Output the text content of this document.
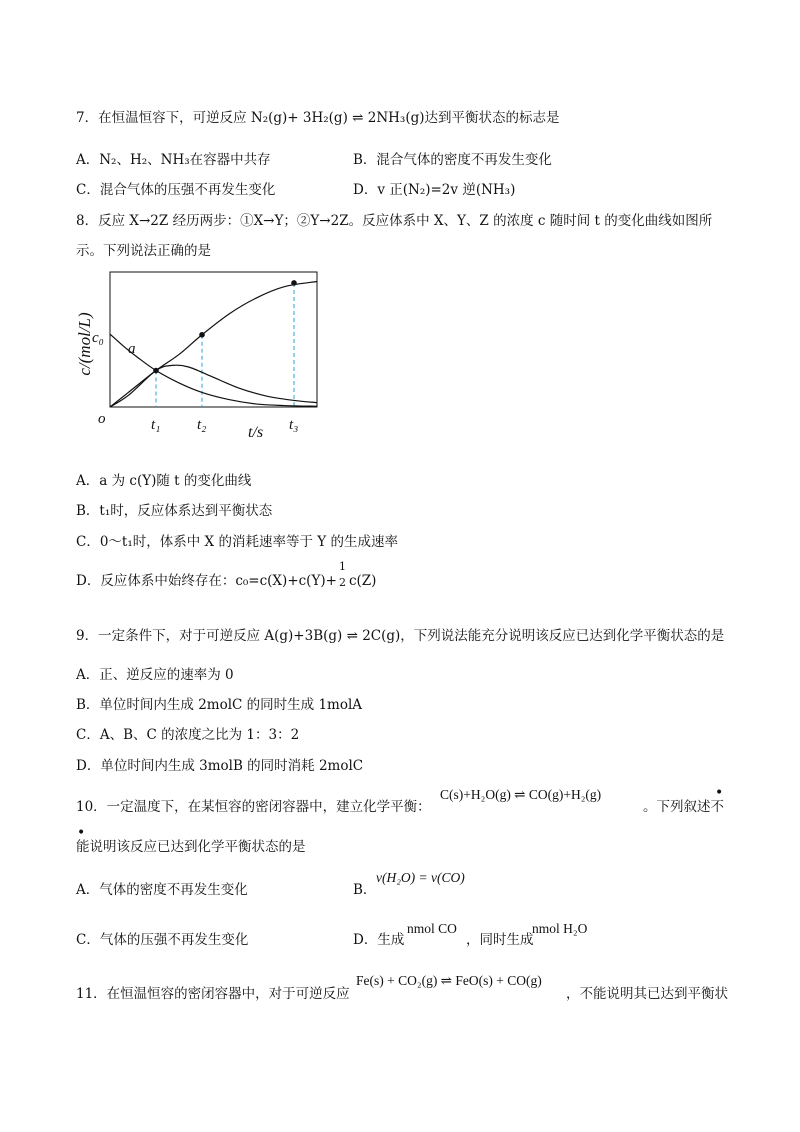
7．在恒温恒容下，可逆反应 N₂(g)+ 3H₂(g) ⇌ 2NH₃(g)达到平衡状态的标志是
A．N₂、H₂、NH₃在容器中共存	B．混合气体的密度不再发生变化
C．混合气体的压强不再发生变化	D．v 正(N₂)=2v 逆(NH₃)
8．反应 X→2Z 经历两步：①X→Y；②Y→2Z。反应体系中 X、Y、Z 的浓度 c 随时间 t 的变化曲线如图所
示。下列说法正确的是
c/(mol/L)
c₀
a
o	t₁ t₂	t₃
t/s
A．a 为 c(Y)随 t 的变化曲线
B．t₁时，反应体系达到平衡状态
C．0～t₁时，体系中 X 的消耗速率等于 Y 的生成速率
D．反应体系中始终存在：c₀=c(X)+c(Y)+
1
2 c(Z)
9．一定条件下，对于可逆反应 A(g)+3B(g) ⇌ 2C(g)，下列说法能充分说明该反应已达到化学平衡状态的是
A．正、逆反应的速率为 0
B．单位时间内生成 2molC 的同时生成 1molA
C．A、B、C 的浓度之比为 1：3：2
D．单位时间内生成 3molB 的同时消耗 2molC
10．一定温度下，在某恒容的密闭容器中，建立化学平衡：
C(s)+H₂O(g) ⇌ CO(g)+H₂(g)
。下列叙述不
•
•
能说明该反应已达到化学平衡状态的是
A．气体的密度不再发生变化	B．
v(H₂O) = v(CO)
C．气体的压强不再发生变化	D．生成
nmol CO
，同时生成
nmol H₂O
11．在恒温恒容的密闭容器中，对于可逆反应
Fe(s) + CO₂(g) ⇌ FeO(s) + CO(g)
，不能说明其已达到平衡状
